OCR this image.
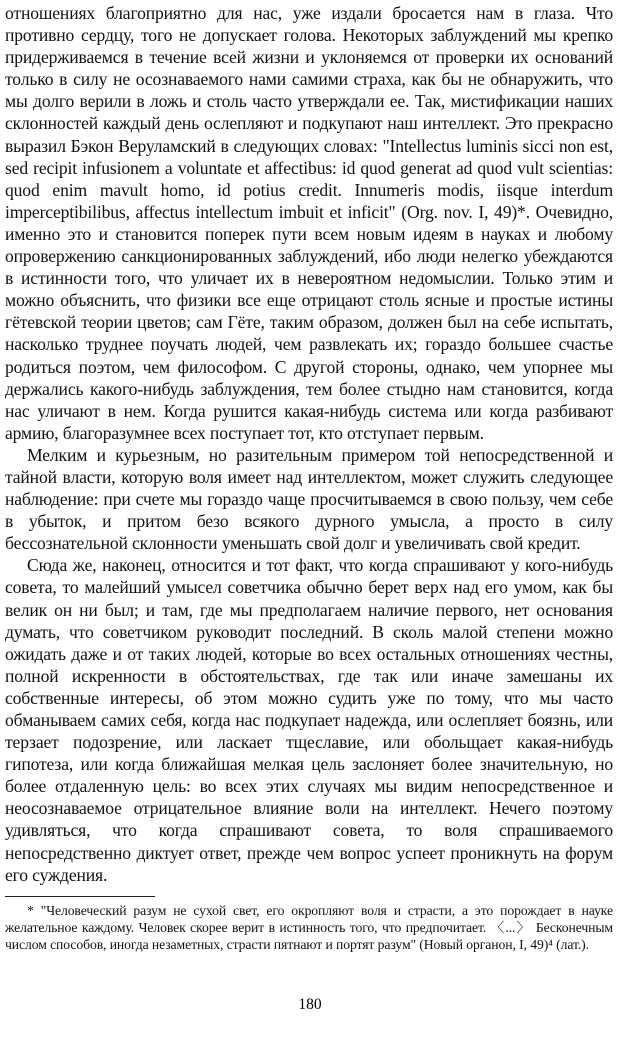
отношениях благоприятно для нас, уже издали бросается нам в глаза. Что противно сердцу, того не допускает голова. Некоторых заблуждений мы крепко придерживаемся в течение всей жизни и уклоняемся от проверки их оснований только в силу не осознаваемого нами самими страха, как бы не обнаружить, что мы долго верили в ложь и столь часто утверждали ее. Так, мистификации наших склонностей каждый день ослепляют и подкупают наш интеллект. Это прекрасно выразил Бэкон Веруламский в следующих словах: "Intellectus luminis sicci non est, sed recipit infusionem a voluntate et affectibus: id quod generat ad quod vult scientias: quod enim mavult homo, id potius credit. Innumeris modis, iisque interdum imperceptibilibus, affectus intellectum imbuit et inficit" (Org. nov. I, 49)*. Очевидно, именно это и становится поперек пути всем новым идеям в науках и любому опровержению санкционированных заблуждений, ибо люди нелегко убеждаются в истинности того, что уличает их в невероятном недомыслии. Только этим и можно объяснить, что физики все еще отрицают столь ясные и простые истины гётевской теории цветов; сам Гёте, таким образом, должен был на себе испытать, насколько труднее поучать людей, чем развлекать их; гораздо большее счастье родиться поэтом, чем философом. С другой стороны, однако, чем упорнее мы держались какого-нибудь заблуждения, тем более стыдно нам становится, когда нас уличают в нем. Когда рушится какая-нибудь система или когда разбивают армию, благоразумнее всех поступает тот, кто отступает первым.

Мелким и курьезным, но разительным примером той непосредственной и тайной власти, которую воля имеет над интеллектом, может служить следующее наблюдение: при счете мы гораздо чаще просчитываемся в свою пользу, чем себе в убыток, и притом безо всякого дурного умысла, а просто в силу бессознательной склонности уменьшать свой долг и увеличивать свой кредит.

Сюда же, наконец, относится и тот факт, что когда спрашивают у кого-нибудь совета, то малейший умысел советчика обычно берет верх над его умом, как бы велик он ни был; и там, где мы предполагаем наличие первого, нет основания думать, что советчиком руководит последний. В сколь малой степени можно ожидать даже и от таких людей, которые во всех остальных отношениях честны, полной искренности в обстоятельствах, где так или иначе замешаны их собственные интересы, об этом можно судить уже по тому, что мы часто обманываем самих себя, когда нас подкупает надежда, или ослепляет боязнь, или терзает подозрение, или ласкает тщеславие, или обольщает какая-нибудь гипотеза, или когда ближайшая мелкая цель заслоняет более значительную, но более отдаленную цель: во всех этих случаях мы видим непосредственное и неосознаваемое отрицательное влияние воли на интеллект. Нечего поэтому удивляться, что когда спрашивают совета, то воля спрашиваемого непосредственно диктует ответ, прежде чем вопрос успеет проникнуть на форум его суждения.

* "Человеческий разум не сухой свет, его окропляют воля и страсти, а это порождает в науке желательное каждому. Человек скорее верит в истинность того, что предпочитает. 〈...〉 Бесконечным числом способов, иногда незаметных, страсти пятнают и портят разум" (Новый органон, I, 49)⁴ (лат.).

180
